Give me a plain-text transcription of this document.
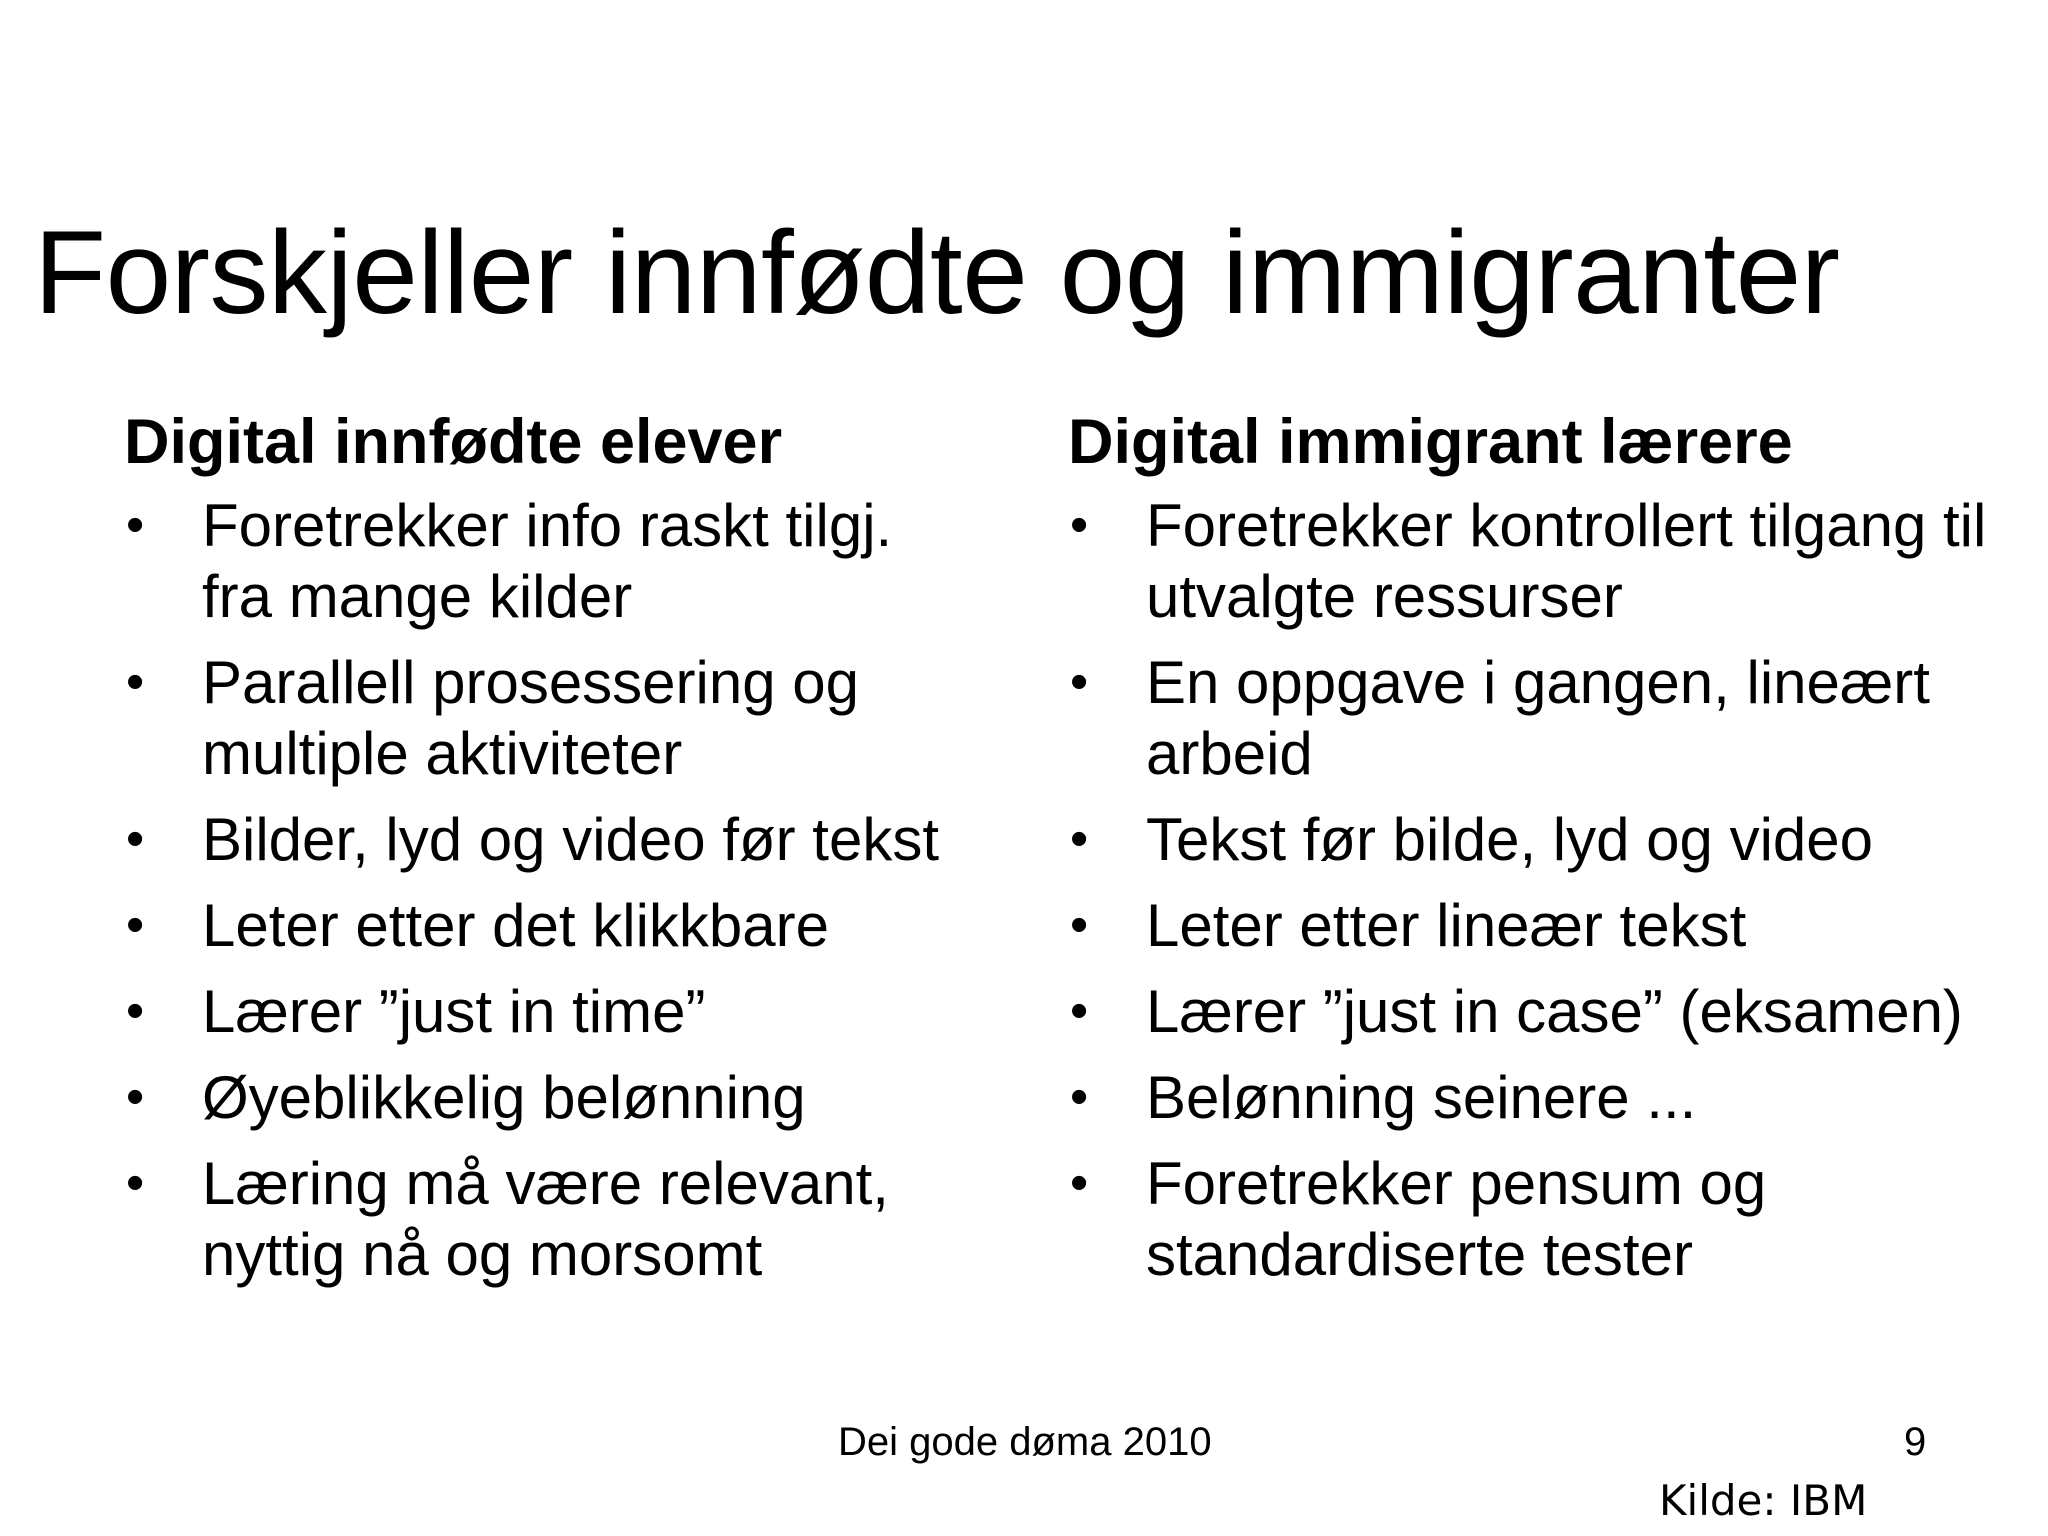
Forskjeller innfødte og immigranter
Digital innfødte elever
• Foretrekker info raskt tilgj.
fra mange kilder
• Parallell prosessering og
multiple aktiviteter
• Bilder, lyd og video før tekst
• Leter etter det klikkbare
• Lærer ”just in time”
• Øyeblikkelig belønning
• Læring må være relevant,
nyttig nå og morsomt
Digital immigrant lærere
• Foretrekker kontrollert tilgang til
utvalgte ressurser
• En oppgave i gangen, lineært
arbeid
• Tekst før bilde, lyd og video
• Leter etter lineær tekst
• Lærer ”just in case” (eksamen)
• Belønning seinere ...
• Foretrekker pensum og
standardiserte tester
Dei gode døma 2010	9
Kilde: IBM
